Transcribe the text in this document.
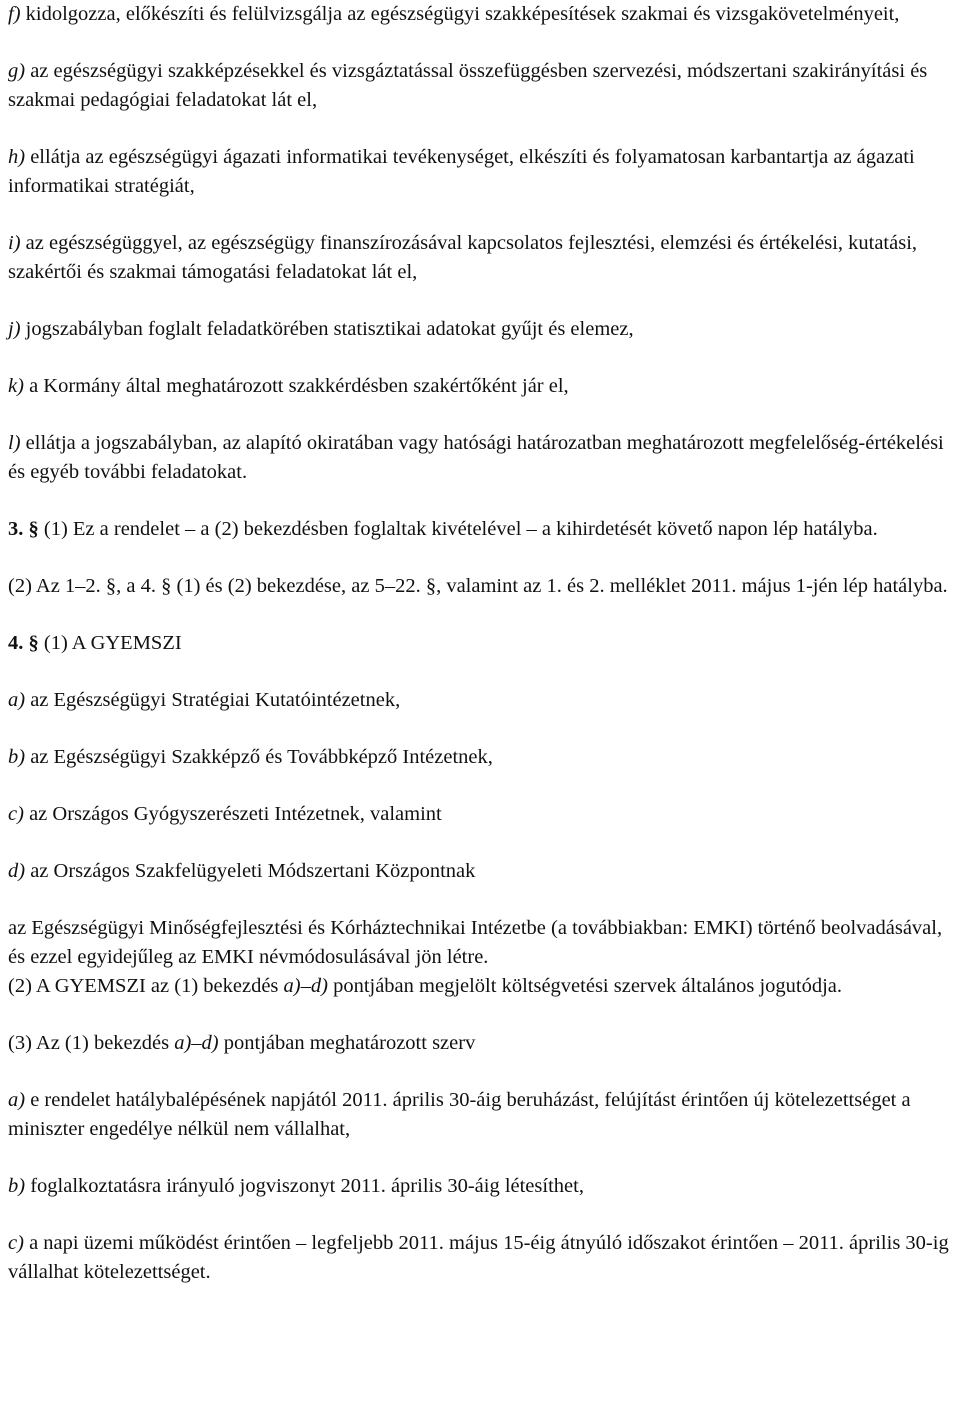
f) kidolgozza, előkészíti és felülvizsgálja az egészségügyi szakképesítések szakmai és vizsgakövetelményeit,

g) az egészségügyi szakképzésekkel és vizsgáztatással összefüggésben szervezési, módszertani szakirányítási és szakmai pedagógiai feladatokat lát el,

h) ellátja az egészségügyi ágazati informatikai tevékenységet, elkészíti és folyamatosan karbantartja az ágazati informatikai stratégiát,

i) az egészségüggyel, az egészségügy finanszírozásával kapcsolatos fejlesztési, elemzési és értékelési, kutatási, szakértői és szakmai támogatási feladatokat lát el,

j) jogszabályban foglalt feladatkörében statisztikai adatokat gyűjt és elemez,

k) a Kormány által meghatározott szakkérdésben szakértőként jár el,

l) ellátja a jogszabályban, az alapító okiratában vagy hatósági határozatban meghatározott megfelelőség-értékelési és egyéb további feladatokat.

3. § (1) Ez a rendelet – a (2) bekezdésben foglaltak kivételével – a kihirdetését követő napon lép hatályba.

(2) Az 1–2. §, a 4. § (1) és (2) bekezdése, az 5–22. §, valamint az 1. és 2. melléklet 2011. május 1-jén lép hatályba.

4. § (1) A GYEMSZI

a) az Egészségügyi Stratégiai Kutatóintézetnek,

b) az Egészségügyi Szakképző és Továbbképző Intézetnek,

c) az Országos Gyógyszerészeti Intézetnek, valamint

d) az Országos Szakfelügyeleti Módszertani Központnak

az Egészségügyi Minőségfejlesztési és Kórháztechnikai Intézetbe (a továbbiakban: EMKI) történő beolvadásával, és ezzel egyidejűleg az EMKI névmódosulásával jön létre.

(2) A GYEMSZI az (1) bekezdés a)–d) pontjában megjelölt költségvetési szervek általános jogutódja.

(3) Az (1) bekezdés a)–d) pontjában meghatározott szerv

a) e rendelet hatálybalépésének napjától 2011. április 30-áig beruházást, felújítást érintően új kötelezettséget a miniszter engedélye nélkül nem vállalhat,

b) foglalkoztatásra irányuló jogviszonyt 2011. április 30-áig létesíthet,

c) a napi üzemi működést érintően – legfeljebb 2011. május 15-éig átnyúló időszakot érintően – 2011. április 30-ig vállalhat kötelezettséget.
